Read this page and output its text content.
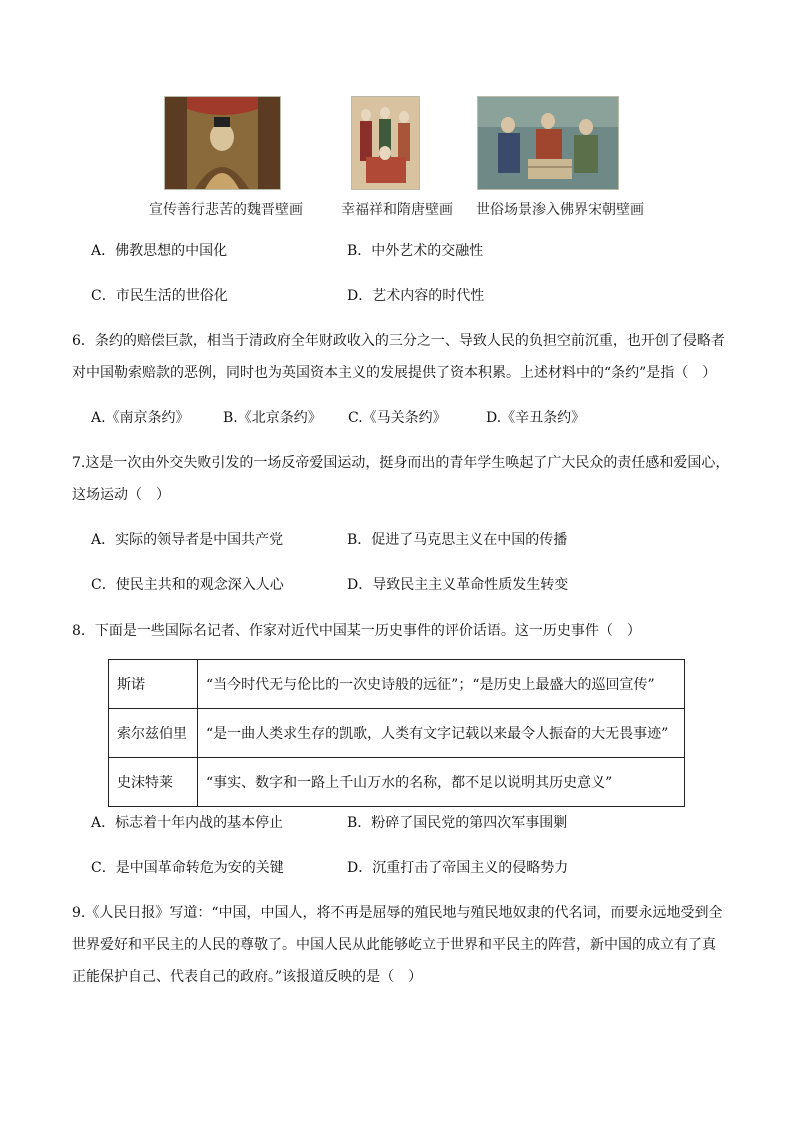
宣传善行悲苦的魏晋壁画	幸福祥和隋唐壁画 世俗场景渗入佛界宋朝壁画
A．佛教思想的中国化	B．中外艺术的交融性
C．市民生活的世俗化	D．艺术内容的时代性
6．条约的赔偿巨款，相当于清政府全年财政收入的三分之一、导致人民的负担空前沉重，也开创了侵略者
对中国勒索赔款的恶例，同时也为英国资本主义的发展提供了资本积累。上述材料中的“条约”是指（　）
A.《南京条约》 B.《北京条约》 C.《马关条约》	D.《辛丑条约》
7.这是一次由外交失败引发的一场反帝爱国运动，挺身而出的青年学生唤起了广大民众的责任感和爱国心，
这场运动（　）
A．实际的领导者是中国共产党	B．促进了马克思主义在中国的传播
C．使民主共和的观念深入人心	D．导致民主主义革命性质发生转变
8．下面是一些国际名记者、作家对近代中国某一历史事件的评价话语。这一历史事件（　）
斯诺	“当今时代无与伦比的一次史诗般的远征”；“是历史上最盛大的巡回宣传”
索尔兹伯里	“是一曲人类求生存的凯歌，人类有文字记载以来最令人振奋的大无畏事迹”
史沫特莱	“事实、数字和一路上千山万水的名称，都不足以说明其历史意义”
A．标志着十年内战的基本停止	B．粉碎了国民党的第四次军事围剿
C．是中国革命转危为安的关键	D．沉重打击了帝国主义的侵略势力
9.《人民日报》写道：“中国，中国人，将不再是屈辱的殖民地与殖民地奴隶的代名词，而要永远地受到全
世界爱好和平民主的人民的尊敬了。中国人民从此能够屹立于世界和平民主的阵营，新中国的成立有了真
正能保护自己、代表自己的政府。”该报道反映的是（　）
